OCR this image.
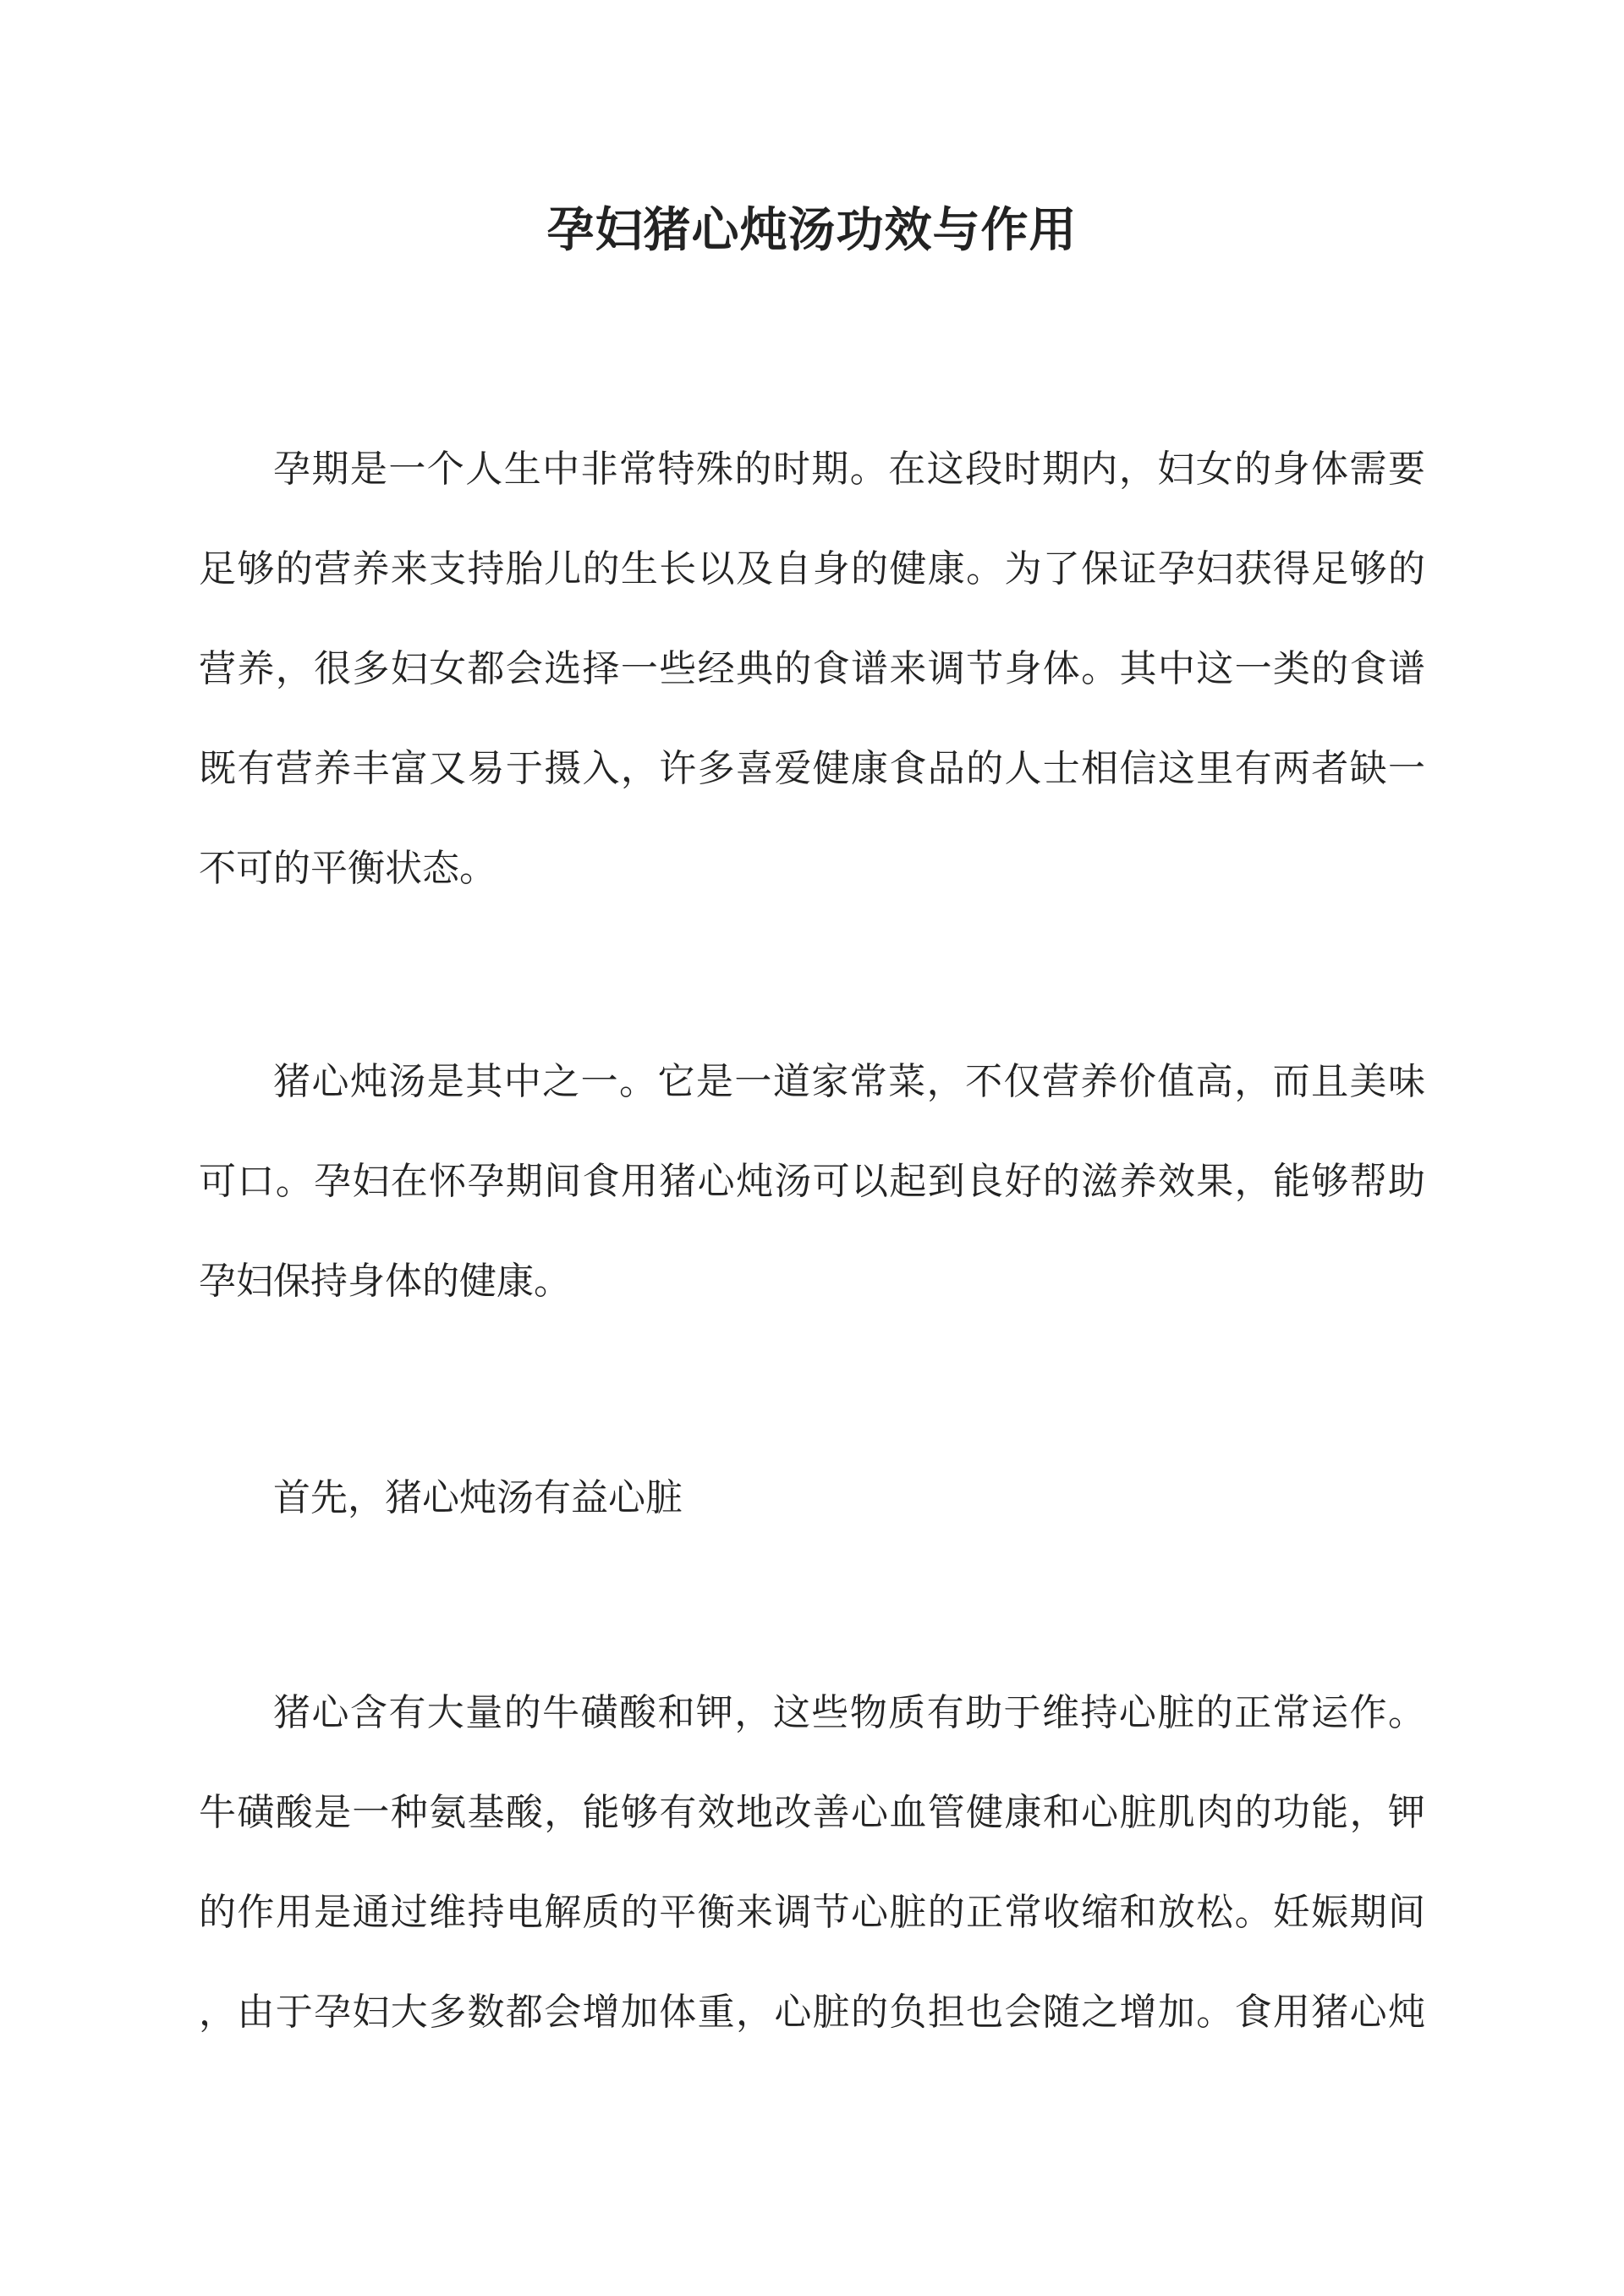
孕妇猪心炖汤功效与作用
孕期是一个人生中非常特殊的时期。在这段时期内，妇女的身体需要
足够的营养来支持胎儿的生长以及自身的健康。为了保证孕妇获得足够的
营养，很多妇女都会选择一些经典的食谱来调节身体。其中这一类的食谱
既有营养丰富又易于摄入，许多喜爱健康食品的人士相信这里有两者缺一
不可的平衡状态。
猪心炖汤是其中之一。它是一道家常菜，不仅营养价值高，而且美味
可口。孕妇在怀孕期间食用猪心炖汤可以起到良好的滋养效果，能够帮助
孕妇保持身体的健康。
首先，猪心炖汤有益心脏
猪心含有大量的牛磺酸和钾，这些物质有助于维持心脏的正常运作。
牛磺酸是一种氨基酸，能够有效地改善心血管健康和心脏肌肉的功能，钾
的作用是通过维持电解质的平衡来调节心脏的正常收缩和放松。妊娠期间
，由于孕妇大多数都会增加体重，心脏的负担也会随之增加。食用猪心炖
